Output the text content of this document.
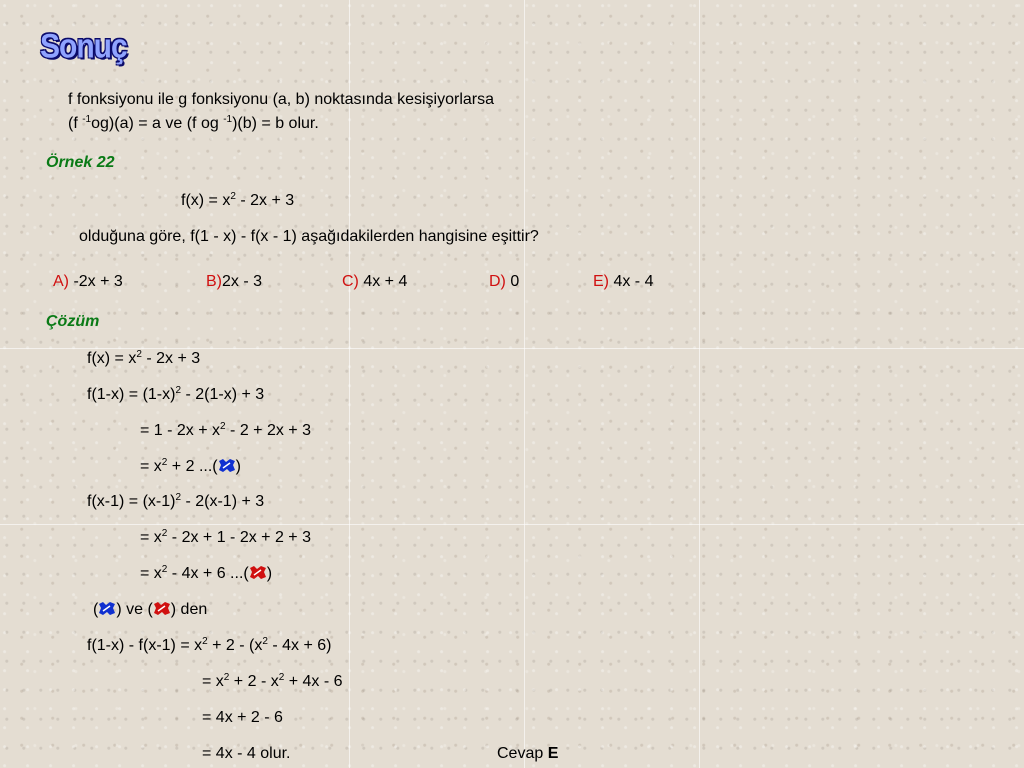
Sonuç
f fonksiyonu ile g fonksiyonu (a, b) noktasında kesişiyorlarsa
(f $^{-1}$og)(a) = a ve (f og $^{-1}$)(b) = b olur.
Örnek 22
$f(x) = x^2 - 2x + 3$
olduğuna göre, f(1 - x) - f(x - 1) aşağıdakilerden hangisine eşittir?
A) -2x + 3	B)2x - 3	C) 4x + 4	D) 0	E) 4x - 4
Çözüm
$f(x) = x^2 - 2x + 3$
$f(1-x) = (1-x)^2 - 2(1-x) + 3$
= $1 - 2x + x^2 - 2 + 2x + 3$
= $x^2 + 2$ ...( )
$f(x-1) = (x-1)^2 - 2(x-1) + 3$
= $x^2 - 2x + 1 - 2x + 2 + 3$
= $x^2 - 4x + 6$ ...( )
( ) ve ( ) den
$f(1-x) - f(x-1) = x^2 + 2 - (x^2 - 4x + 6)$
= $x^2 + 2 - x^2 + 4x - 6$
= 4x + 2 - 6
= 4x - 4 olur.	Cevap E
